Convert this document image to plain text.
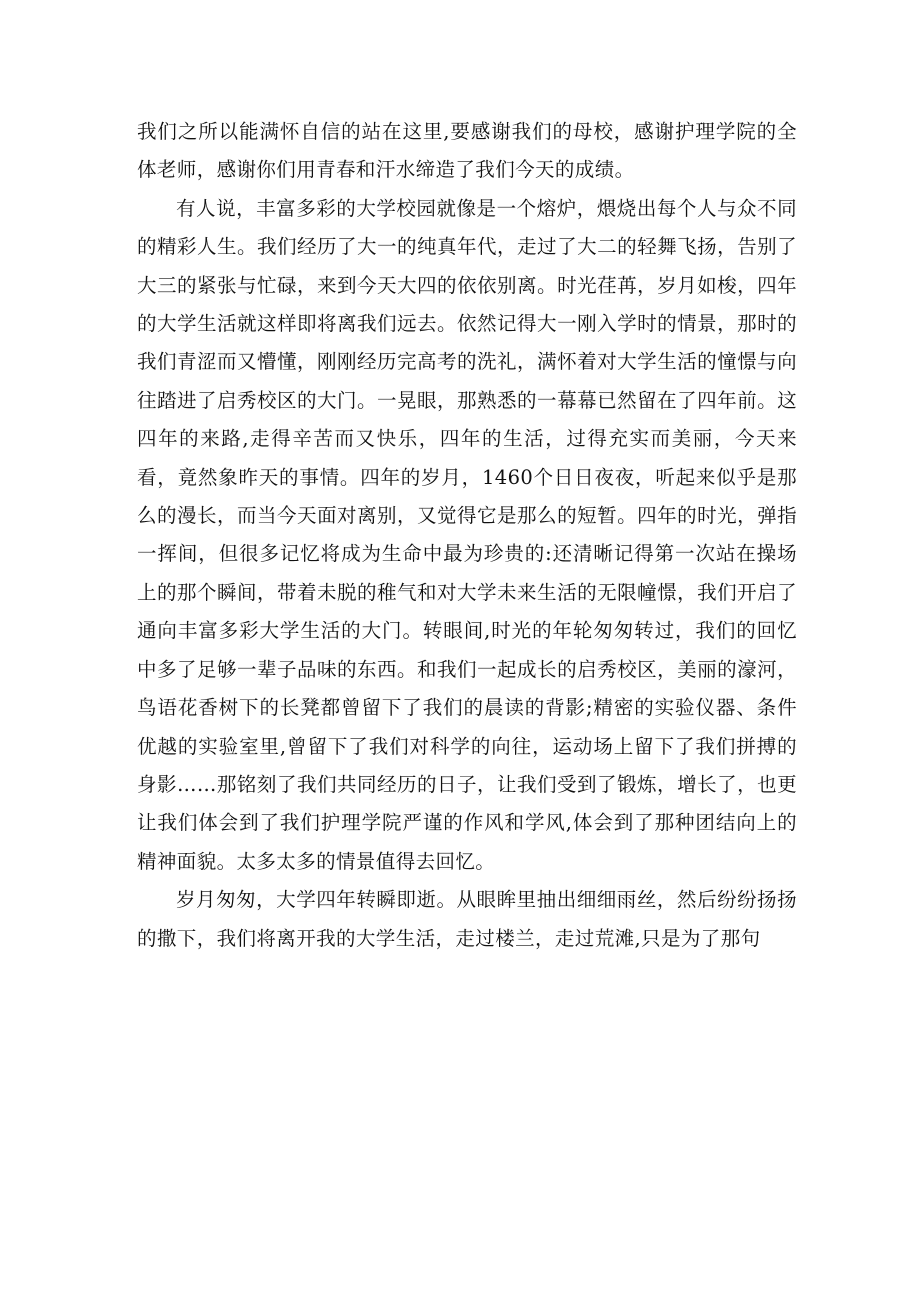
我们之所以能满怀自信的站在这里,要感谢我们的母校，感谢护理学院的全体老师，感谢你们用青春和汗水缔造了我们今天的成绩。

有人说，丰富多彩的大学校园就像是一个熔炉，煨烧出每个人与众不同的精彩人生。我们经历了大一的纯真年代，走过了大二的轻舞飞扬，告别了大三的紧张与忙碌，来到今天大四的依依别离。时光荏苒，岁月如梭，四年的大学生活就这样即将离我们远去。依然记得大一刚入学时的情景，那时的我们青涩而又懵懂，刚刚经历完高考的洗礼，满怀着对大学生活的憧憬与向往踏进了启秀校区的大门。一晃眼，那熟悉的一幕幕已然留在了四年前。这四年的来路,走得辛苦而又快乐，四年的生活，过得充实而美丽，今天来看，竟然象昨天的事情。四年的岁月，1460个日日夜夜，听起来似乎是那么的漫长，而当今天面对离别，又觉得它是那么的短暂。四年的时光，弹指一挥间，但很多记忆将成为生命中最为珍贵的:还清晰记得第一次站在操场上的那个瞬间，带着未脱的稚气和对大学未来生活的无限幢憬，我们开启了通向丰富多彩大学生活的大门。转眼间,时光的年轮匆匆转过，我们的回忆中多了足够一辈子品味的东西。和我们一起成长的启秀校区，美丽的濠河，鸟语花香树下的长凳都曾留下了我们的晨读的背影;精密的实验仪器、条件优越的实验室里,曾留下了我们对科学的向往，运动场上留下了我们拼搏的身影……那铭刻了我们共同经历的日子，让我们受到了锻炼，增长了，也更让我们体会到了我们护理学院严谨的作风和学风,体会到了那种团结向上的精神面貌。太多太多的情景值得去回忆。

岁月匆匆，大学四年转瞬即逝。从眼眸里抽出细细雨丝，然后纷纷扬扬的撒下，我们将离开我的大学生活，走过楼兰，走过荒滩,只是为了那句
